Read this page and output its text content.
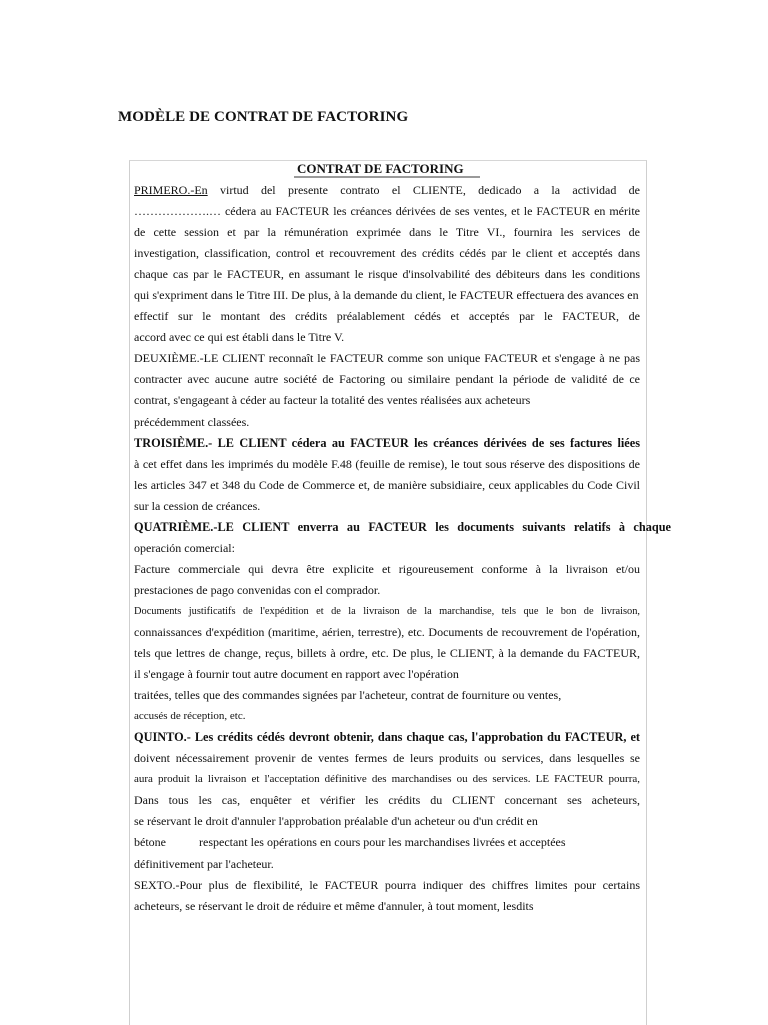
MODÈLE DE CONTRAT DE FACTORING
CONTRAT DE FACTORING
PRIMERO.-En virtud del presente contrato el CLIENTE, dedicado a la actividad de
……………….… cédera au FACTEUR les créances dérivées de ses ventes, et le FACTEUR en mérite
de cette session et par la rémunération exprimée dans le Titre VI., fournira les services de
investigation, classification, control et recouvrement des crédits cédés par le client et acceptés dans
chaque cas par le FACTEUR, en assumant le risque d'insolvabilité des débiteurs dans les conditions
qui s'expriment dans le Titre III. De plus, à la demande du client, le FACTEUR effectuera des avances en
effectif sur le montant des crédits préalablement cédés et acceptés par le FACTEUR, de
accord avec ce qui est établi dans le Titre V.
DEUXIÈME.-LE CLIENT reconnaît le FACTEUR comme son unique FACTEUR et s'engage à ne pas
contracter avec aucune autre société de Factoring ou similaire pendant la période de validité de ce
contrat, s'engageant à céder au facteur la totalité des ventes réalisées aux acheteurs
précédemment classées.
TROISIÈME.- LE CLIENT cédera au FACTEUR les créances dérivées de ses factures liées
à cet effet dans les imprimés du modèle F.48 (feuille de remise), le tout sous réserve des dispositions de
les articles 347 et 348 du Code de Commerce et, de manière subsidiaire, ceux applicables du Code Civil
sur la cession de créances.
QUATRIÈME.-LE CLIENT enverra au FACTEUR les documents suivants relatifs à chaque
operación comercial:
Facture commerciale qui devra être explicite et rigoureusement conforme à la livraison et/ou
prestaciones de pago convenidas con el comprador.
Documents justificatifs de l'expédition et de la livraison de la marchandise, tels que le bon de livraison,
connaissances d'expédition (maritime, aérien, terrestre), etc. Documents de recouvrement de l'opération,
tels que lettres de change, reçus, billets à ordre, etc. De plus, le CLIENT, à la demande du FACTEUR,
il s'engage à fournir tout autre document en rapport avec l'opération
traitées, telles que des commandes signées par l'acheteur, contrat de fourniture ou ventes,
accusés de réception, etc.
QUINTO.- Les crédits cédés devront obtenir, dans chaque cas, l'approbation du FACTEUR, et
doivent nécessairement provenir de ventes fermes de leurs produits ou services, dans lesquelles se
aura produit la livraison et l'acceptation définitive des marchandises ou des services. LE FACTEUR pourra,
Dans tous les cas, enquêter et vérifier les crédits du CLIENT concernant ses acheteurs,
se réservant le droit d'annuler l'approbation préalable d'un acheteur ou d'un crédit en
bétone	respectant les opérations en cours pour les marchandises livrées et acceptées
définitivement par l'acheteur.
SEXTO.-Pour plus de flexibilité, le FACTEUR pourra indiquer des chiffres limites pour certains
acheteurs, se réservant le droit de réduire et même d'annuler, à tout moment, lesdits
